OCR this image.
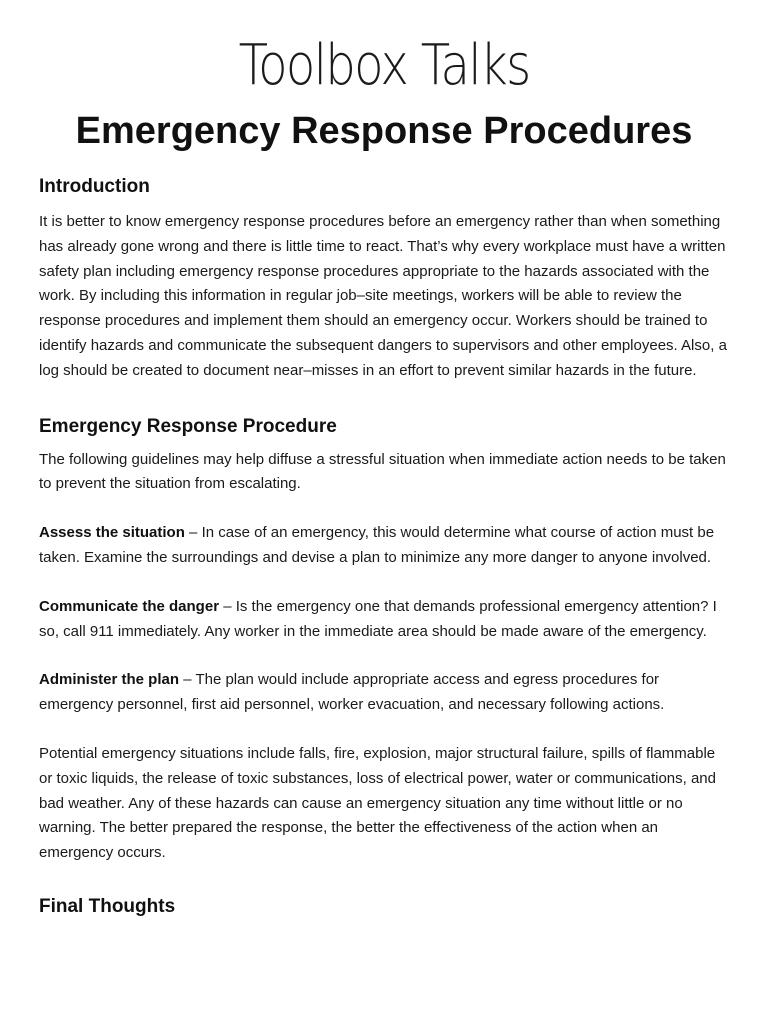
Toolbox Talks
Emergency Response Procedures
Introduction

It is better to know emergency response procedures before an emergency rather than when something has already gone wrong and there is little time to react. That’s why every workplace must have a written safety plan including emergency response procedures appropriate to the hazards associated with the work. By including this information in regular job–site meetings, workers will be able to review the response procedures and implement them should an emergency occur. Workers should be trained to identify hazards and communicate the subsequent dangers to supervisors and other employees. Also, a log should be created to document near–misses in an effort to prevent similar hazards in the future.

Emergency Response Procedure

The following guidelines may help diffuse a stressful situation when immediate action needs to be taken to prevent the situation from escalating.

Assess the situation – In case of an emergency, this would determine what course of action must be taken. Examine the surroundings and devise a plan to minimize any more danger to anyone involved.

Communicate the danger – Is the emergency one that demands professional emergency attention? I so, call 911 immediately. Any worker in the immediate area should be made aware of the emergency.

Administer the plan – The plan would include appropriate access and egress procedures for emergency personnel, first aid personnel, worker evacuation, and necessary following actions.

Potential emergency situations include falls, fire, explosion, major structural failure, spills of flammable or toxic liquids, the release of toxic substances, loss of electrical power, water or communications, and bad weather. Any of these hazards can cause an emergency situation any time without little or no warning. The better prepared the response, the better the effectiveness of the action when an emergency occurs.

Final Thoughts
